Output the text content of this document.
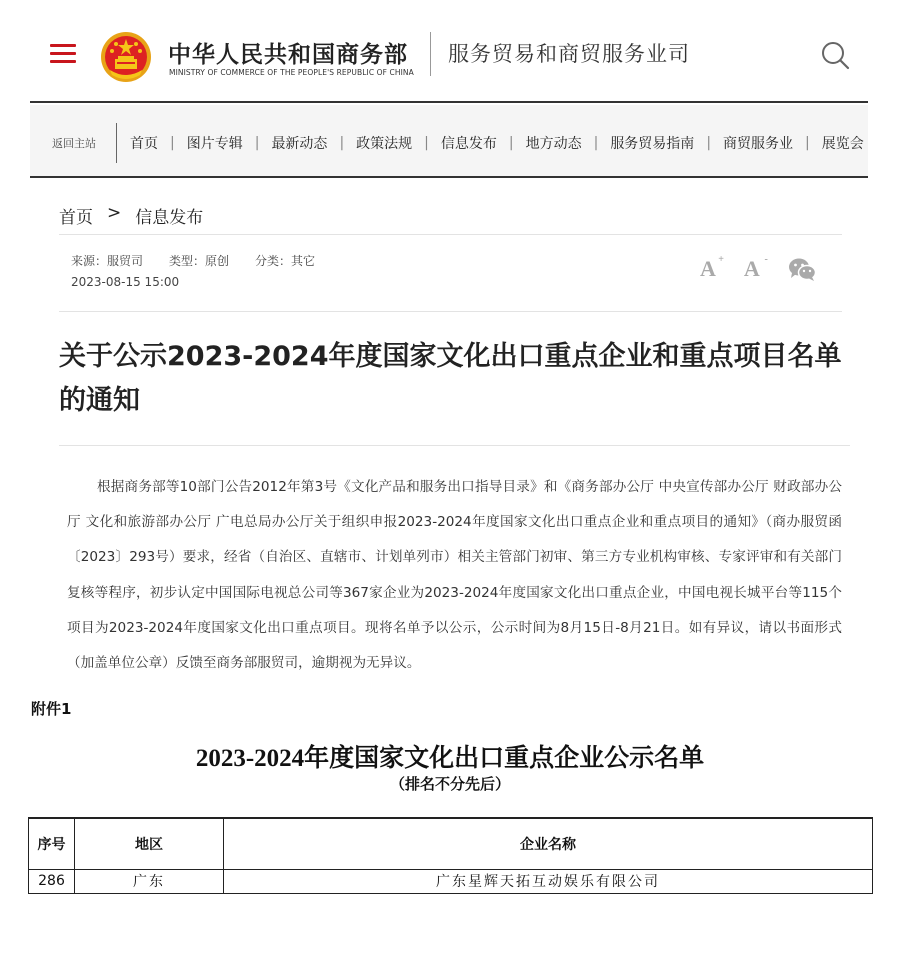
中华人民共和国商务部
MINISTRY OF COMMERCE OF THE PEOPLE'S REPUBLIC OF CHINA
服务贸易和商贸服务业司
返回主站 首页 | 图片专辑 | 最新动态 | 政策法规 | 信息发布 | 地方动态 | 服务贸易指南 | 商贸服务业 | 展览会
首页 > 信息发布
来源：服贸司 类型：原创 分类：其它
2023-08-15 15:00
A + A -
关于公示2023-2024年度国家文化出口重点企业和重点项目名单的通知

根据商务部等10部门公告2012年第3号《文化产品和服务出口指导目录》和《商务部办公厅 中央宣传部办公厅 财政部办公厅 文化和旅游部办公厅 广电总局办公厅关于组织申报2023-2024年度国家文化出口重点企业和重点项目的通知》（商办服贸函〔2023〕293号）要求，经省（自治区、直辖市、计划单列市）相关主管部门初审、第三方专业机构审核、专家评审和有关部门复核等程序，初步认定中国国际电视总公司等367家企业为2023-2024年度国家文化出口重点企业，中国电视长城平台等115个项目为2023-2024年度国家文化出口重点项目。现将名单予以公示，公示时间为8月15日-8月21日。如有异议，请以书面形式（加盖单位公章）反馈至商务部服贸司，逾期视为无异议。

附件1
2023-2024年度国家文化出口重点企业公示名单
（排名不分先后）
序号	地区	企业名称
286	广东	广东星辉天拓互动娱乐有限公司
